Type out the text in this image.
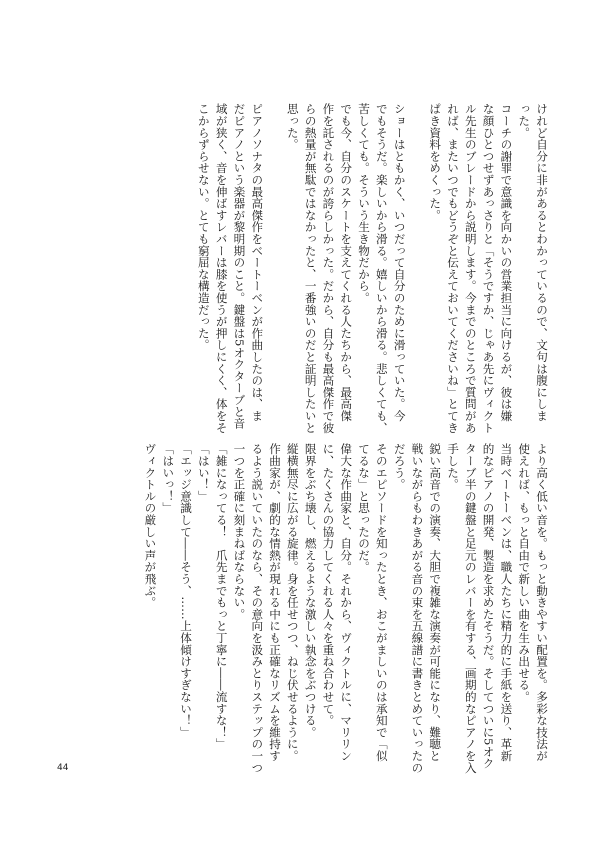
けれど自分に非があるとわかっているので、文句は腹にしま
った。
コーチの謝罪で意識を向かいの営業担当に向けるが、彼は嫌
な顔ひとつせずあっさりと「そうですか、じゃあ先にヴィクト
ル先生のブレードから説明します。今までのところで質問があ
れば、またいつでもどうぞと伝えておいてくださいね」とてき
ぱき資料をめくった。
ショーはともかく、いつだって自分のために滑っていた。今
でもそうだ。楽しいから滑る。嬉しいから滑る。悲しくても、
苦しくても。そういう生き物だから。
でも今、自分のスケートを支えてくれる人たちから、最高傑
作を託されるのが誇らしかった。だから、自分も最高傑作で彼
らの熱量が無駄ではなかったと、一番強いのだと証明したいと
思った。
ピアノソナタの最高傑作をベートーベンが作曲したのは、ま
だピアノという楽器が黎明期のこと。鍵盤は5オクターブと音
域が狭く、音を伸ばすレバーは膝を使うが押しにくく、体をそ
こからずらせない。とても窮屈な構造だった。
より高く低い音を。もっと動きやすい配置を。多彩な技法が
使えれば、もっと自由で新しい曲を生み出せる。
当時ベートーベンは、職人たちに精力的に手紙を送り、革新
的なピアノの開発、製造を求めたそうだ。そしてついに5オク
ターブ半の鍵盤と足元のレバーを有する、画期的なピアノを入
手した。
鋭い高音での演奏、大胆で複雑な演奏が可能になり、難聴と
戦いながらもわきあがる音の束を五線譜に書きとめていったの
だろう。
そのエピソードを知ったとき、おこがましいのは承知で「似
てるな」と思ったのだ。
偉大な作曲家と、自分。それから、ヴィクトルに、マリリン
に、たくさんの協力してくれる人々を重ね合わせて。
限界をぶち壊し、燃えるような激しい執念をぶつける。
縦横無尽に広がる旋律。身を任せつつ、ねじ伏せるように。
作曲家が、劇的な情熱が現れる中にも正確なリズムを維持す
るよう説いていたのなら、その意向を汲みとりステップの一つ
一つを正確に刻まねばならない。
「雑になってる！　爪先までもっと丁寧に――流すな！」
「はい！」
「エッジ意識して――そう、……上体傾けすぎない！」
「はいっ！」
ヴィクトルの厳しい声が飛ぶ。
44
